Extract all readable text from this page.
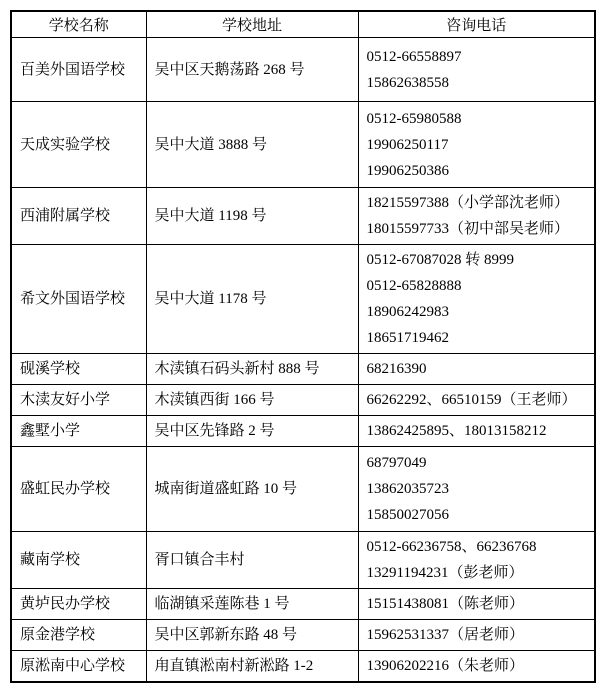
学校名称	学校地址	咨询电话
百美外国语学校	吴中区天鹅荡路 268 号	0512-66558897
15862638558

天成实验学校	吴中大道 3888 号	0512-65980588
19906250117
19906250386

西浦附属学校	吴中大道 1198 号	18215597388（小学部沈老师）
18015597733（初中部吴老师）

希文外国语学校	吴中大道 1178 号	0512-67087028 转 8999
0512-65828888
18906242983
18651719462

砚溪学校	木渎镇石码头新村 888 号	68216390

木渎友好小学	木渎镇西街 166 号	66262292、66510159（王老师）

鑫墅小学	吴中区先锋路 2 号	13862425895、18013158212

盛虹民办学校	城南街道盛虹路 10 号	68797049
13862035723
15850027056

藏南学校	胥口镇合丰村	0512-66236758、66236768
13291194231（彭老师）

黄垆民办学校	临湖镇采莲陈巷 1 号	15151438081（陈老师）

原金港学校	吴中区郭新东路 48 号	15962531337（居老师）

原淞南中心学校	甪直镇淞南村新淞路 1-2	13906202216（朱老师）
